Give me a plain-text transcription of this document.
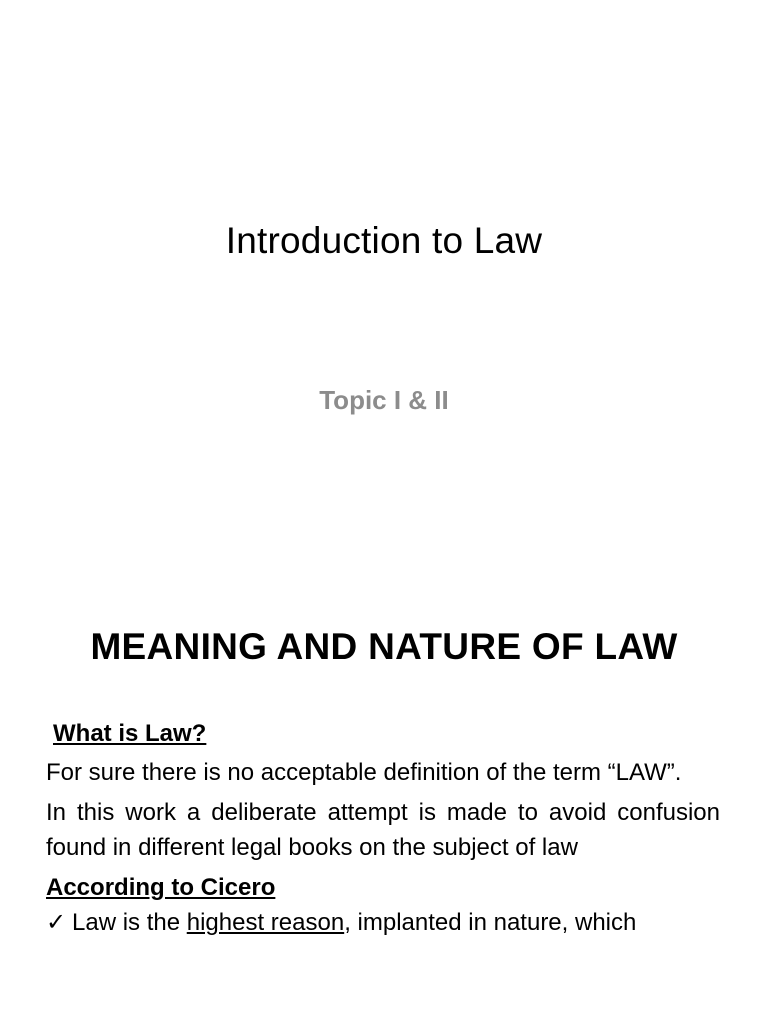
Introduction to Law
Topic I & II
MEANING AND NATURE OF LAW
What is Law?

For sure there is no acceptable definition of the term “LAW”.

In this work a deliberate attempt is made to avoid confusion found in different legal books on the subject of law

According to Cicero
✓ Law is the highest reason, implanted in nature, which
